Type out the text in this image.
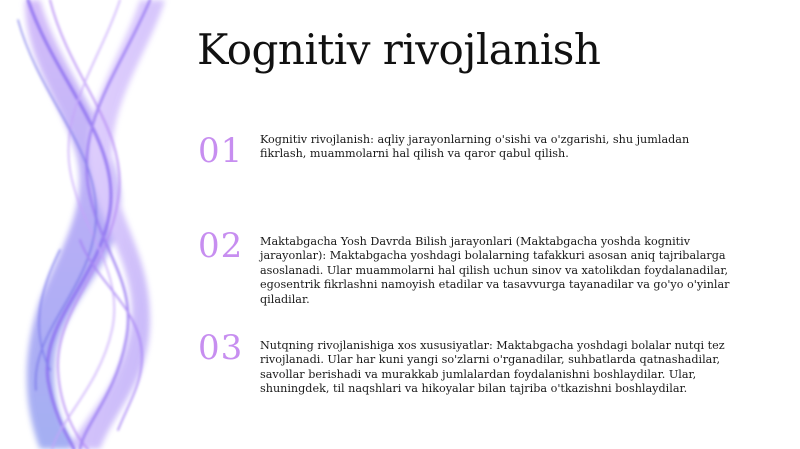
Kognitiv rivojlanish
01 Kognitiv rivojlanish: aqliy jarayonlarning o'sishi va o'zgarishi, shu jumladan fikrlash, muammolarni hal qilish va qaror qabul qilish.

02 Maktabgacha Yosh Davrda Bilish jarayonlari (Maktabgacha yoshda kognitiv jarayonlar): Maktabgacha yoshdagi bolalarning tafakkuri asosan aniq tajribalarga asoslanadi. Ular muammolarni hal qilish uchun sinov va xatolikdan foydalanadilar, egosentrik fikrlashni namoyish etadilar va tasavvurga tayanadilar va go'yo o'yinlar qiladilar.

03 Nutqning rivojlanishiga xos xususiyatlar: Maktabgacha yoshdagi bolalar nutqi tez rivojlanadi. Ular har kuni yangi so'zlarni o'rganadilar, suhbatlarda qatnashadilar, savollar berishadi va murakkab jumlalardan foydalanishni boshlaydilar. Ular, shuningdek, til naqshlari va hikoyalar bilan tajriba o'tkazishni boshlaydilar.
